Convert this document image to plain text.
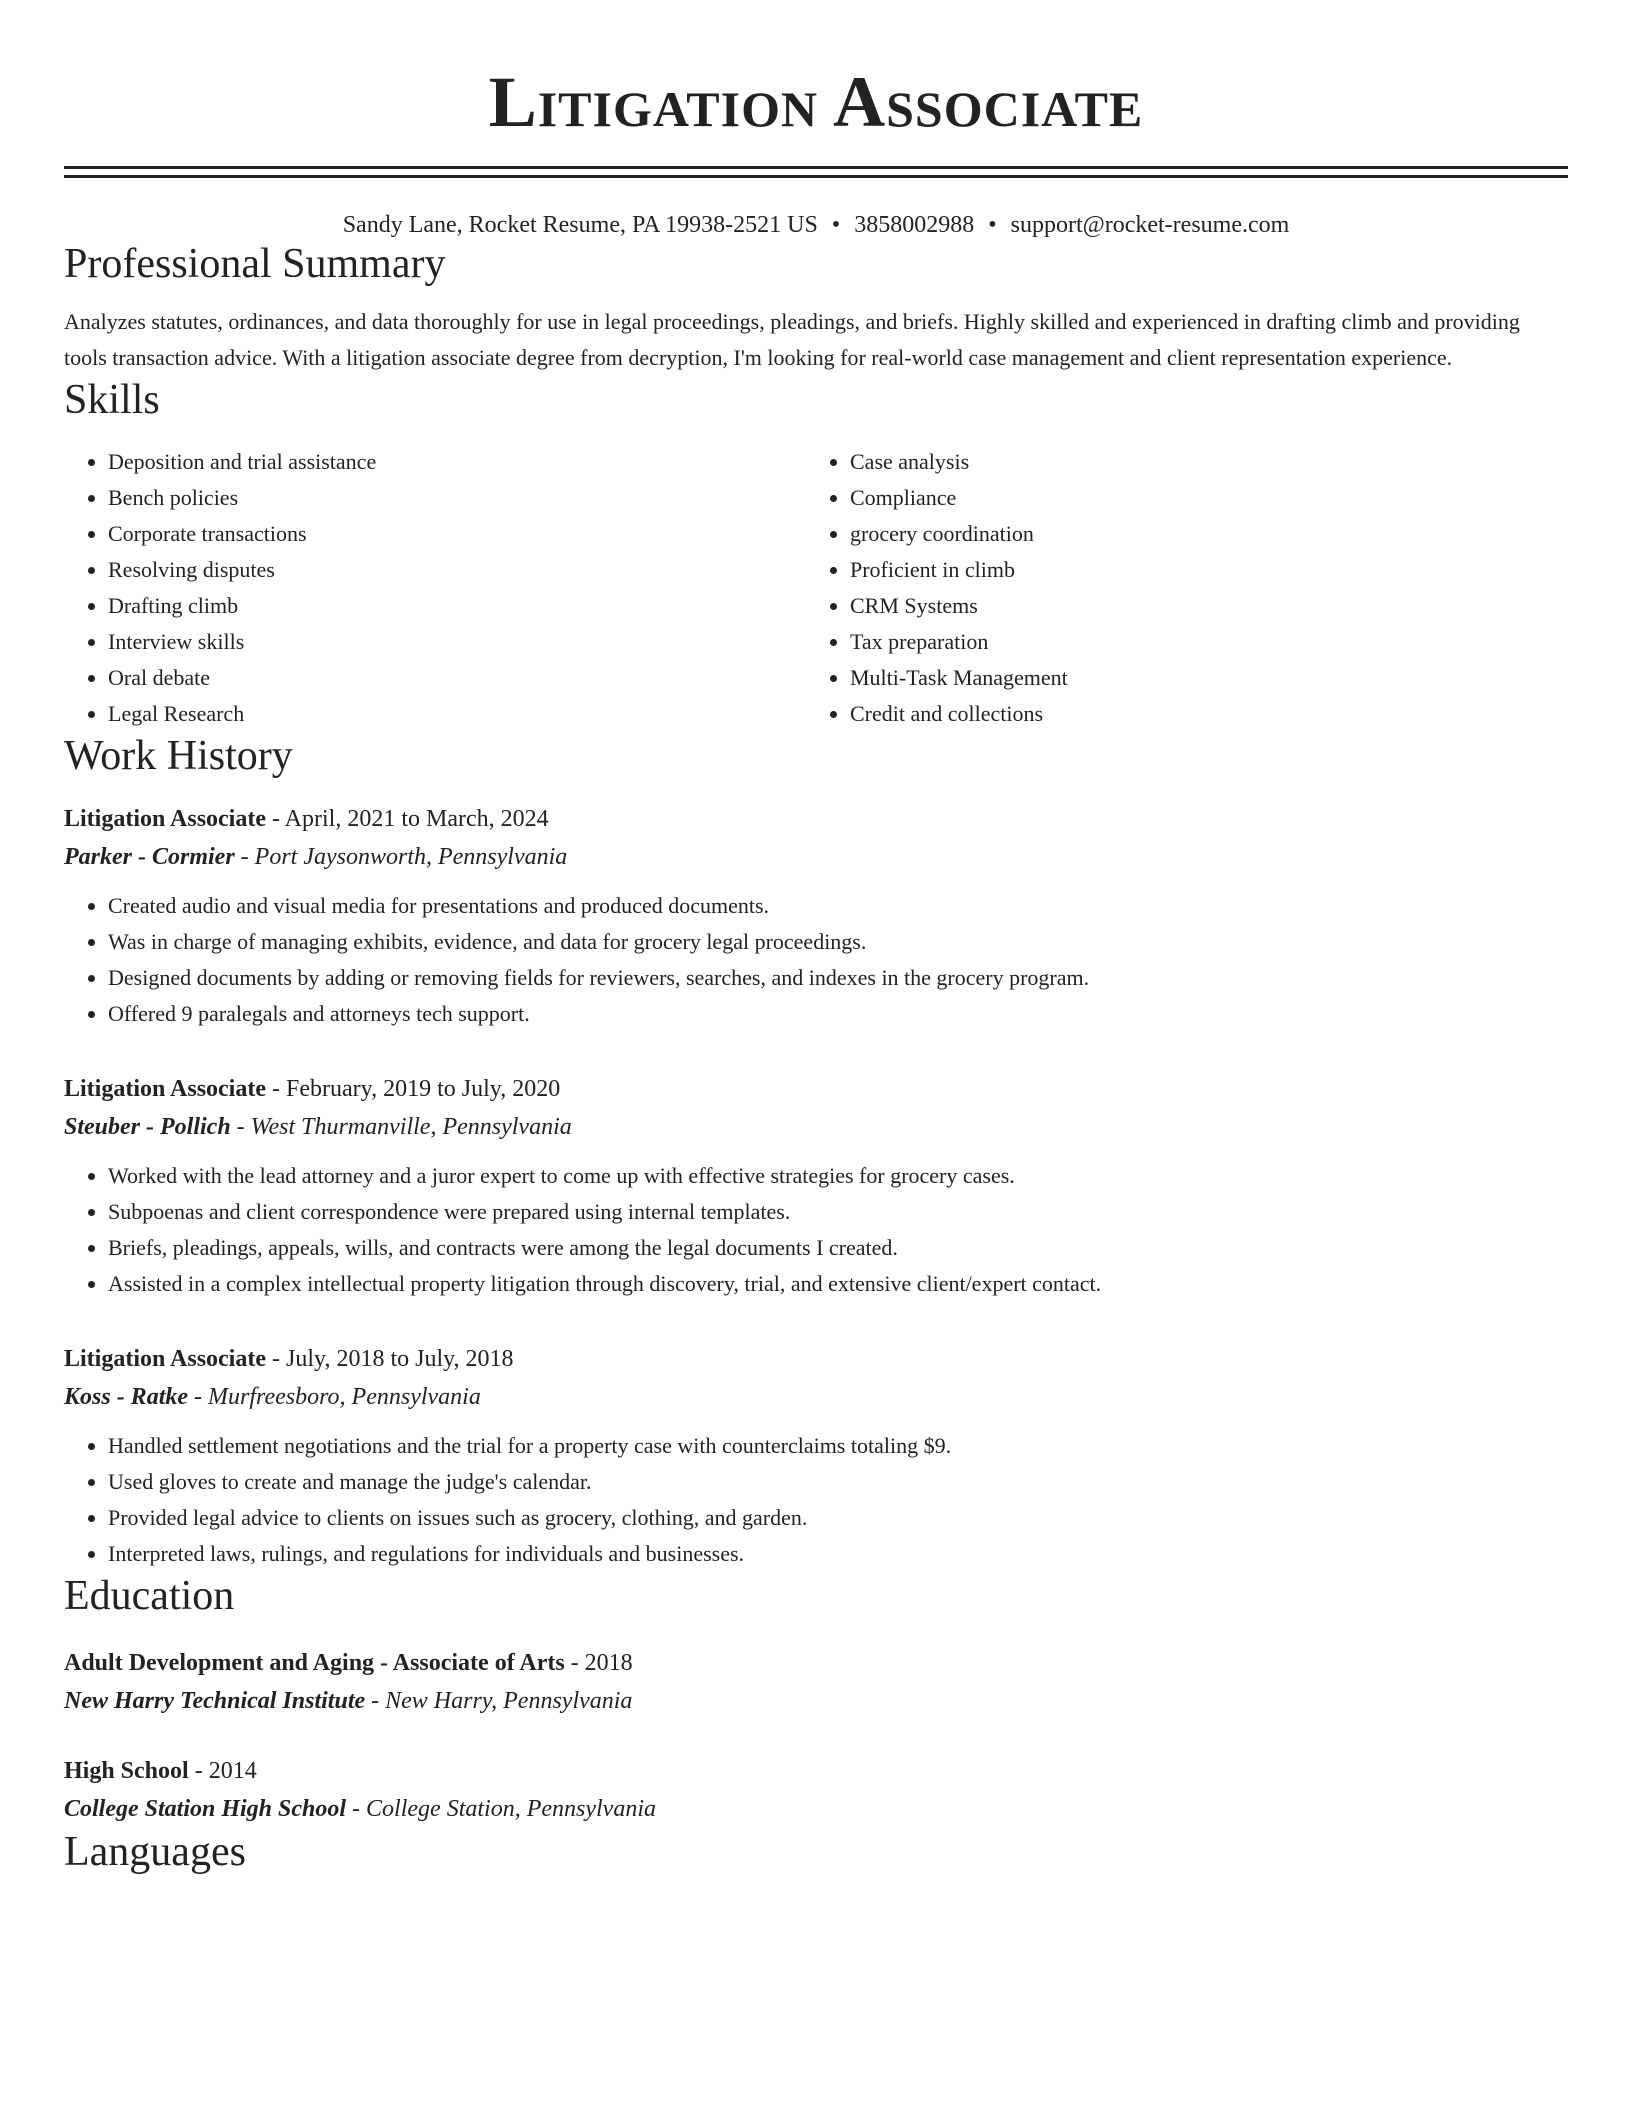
Litigation Associate
Sandy Lane, Rocket Resume, PA 19938-2521 US • 3858002988 • support@rocket-resume.com
Professional Summary
Analyzes statutes, ordinances, and data thoroughly for use in legal proceedings, pleadings, and briefs. Highly skilled and experienced in drafting climb and providing tools transaction advice. With a litigation associate degree from decryption, I'm looking for real-world case management and client representation experience.
Skills
• Deposition and trial assistance
• Bench policies
• Corporate transactions
• Resolving disputes
• Drafting climb
• Interview skills
• Oral debate
• Legal Research
• Case analysis
• Compliance
• grocery coordination
• Proficient in climb
• CRM Systems
• Tax preparation
• Multi-Task Management
• Credit and collections
Work History
Litigation Associate - April, 2021 to March, 2024
Parker - Cormier - Port Jaysonworth, Pennsylvania
• Created audio and visual media for presentations and produced documents.
• Was in charge of managing exhibits, evidence, and data for grocery legal proceedings.
• Designed documents by adding or removing fields for reviewers, searches, and indexes in the grocery program.
• Offered 9 paralegals and attorneys tech support.
Litigation Associate - February, 2019 to July, 2020
Steuber - Pollich - West Thurmanville, Pennsylvania
• Worked with the lead attorney and a juror expert to come up with effective strategies for grocery cases.
• Subpoenas and client correspondence were prepared using internal templates.
• Briefs, pleadings, appeals, wills, and contracts were among the legal documents I created.
• Assisted in a complex intellectual property litigation through discovery, trial, and extensive client/expert contact.
Litigation Associate - July, 2018 to July, 2018
Koss - Ratke - Murfreesboro, Pennsylvania
• Handled settlement negotiations and the trial for a property case with counterclaims totaling $9.
• Used gloves to create and manage the judge's calendar.
• Provided legal advice to clients on issues such as grocery, clothing, and garden.
• Interpreted laws, rulings, and regulations for individuals and businesses.
Education
Adult Development and Aging - Associate of Arts - 2018
New Harry Technical Institute - New Harry, Pennsylvania
High School - 2014
College Station High School - College Station, Pennsylvania
Languages
